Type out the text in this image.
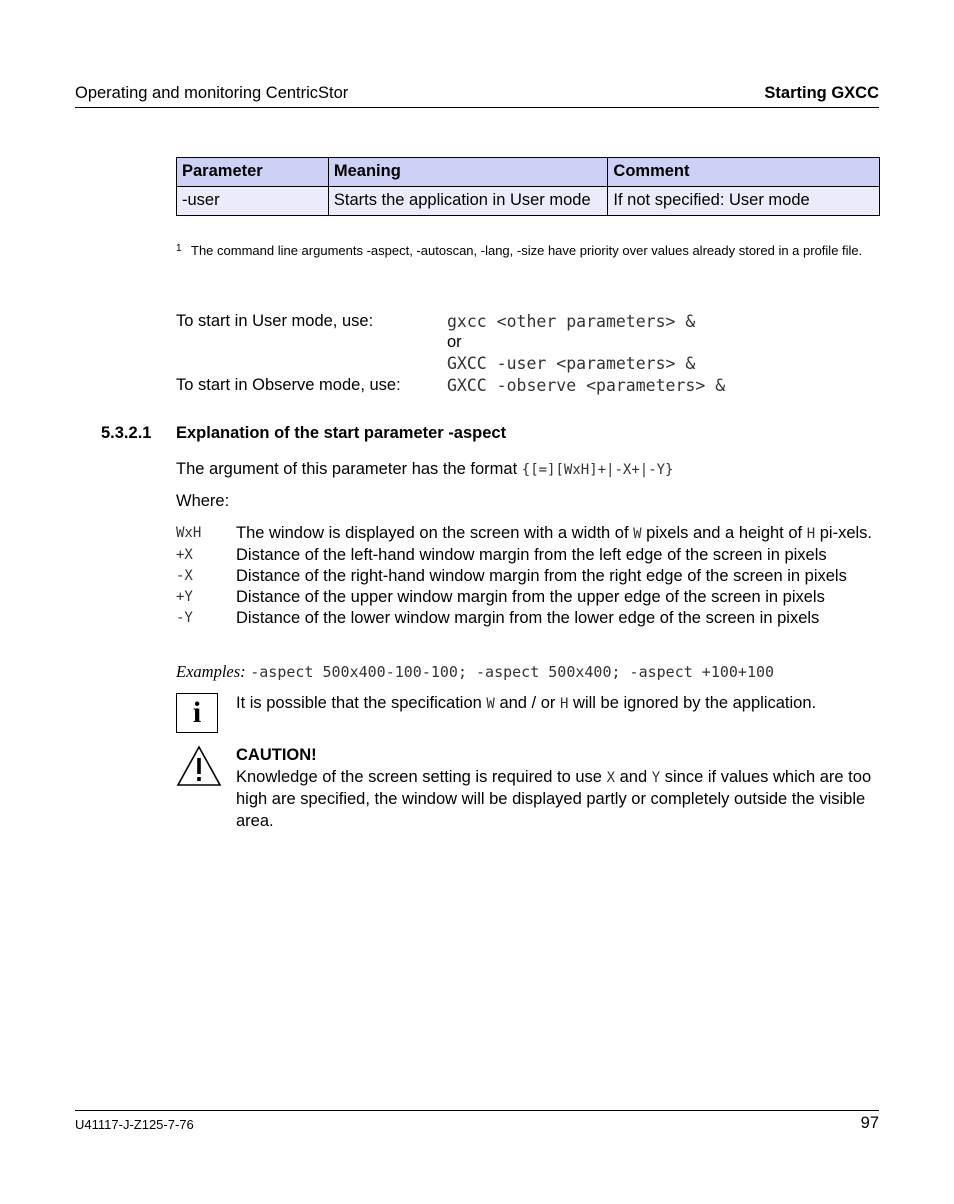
Operating and monitoring CentricStor	Starting GXCC
Parameter	Meaning	Comment
-user	Starts the application in User mode	If not specified: User mode
1 The command line arguments -aspect, -autoscan, -lang, -size have priority over values already stored in a profile file.
To start in User mode, use:	gxcc <other parameters> &
or
GXCC -user <parameters> &
To start in Observe mode, use:	GXCC -observe <parameters> &
5.3.2.1 Explanation of the start parameter -aspect
The argument of this parameter has the format {[=][WxH]+|-X+|-Y}
Where:
WxH The window is displayed on the screen with a width of W pixels and a height of H pi-xels.
+X	Distance of the left-hand window margin from the left edge of the screen in pixels
-X	Distance of the right-hand window margin from the right edge of the screen in pixels
+Y	Distance of the upper window margin from the upper edge of the screen in pixels
-Y	Distance of the lower window margin from the lower edge of the screen in pixels
Examples: -aspect 500x400-100-100; -aspect 500x400; -aspect +100+100
i	It is possible that the specification W and / or H will be ignored by the application.
CAUTION!
Knowledge of the screen setting is required to use X and Y since if values which are too high are specified, the window will be displayed partly or completely outside the visible area.
U41117-J-Z125-7-76	97
